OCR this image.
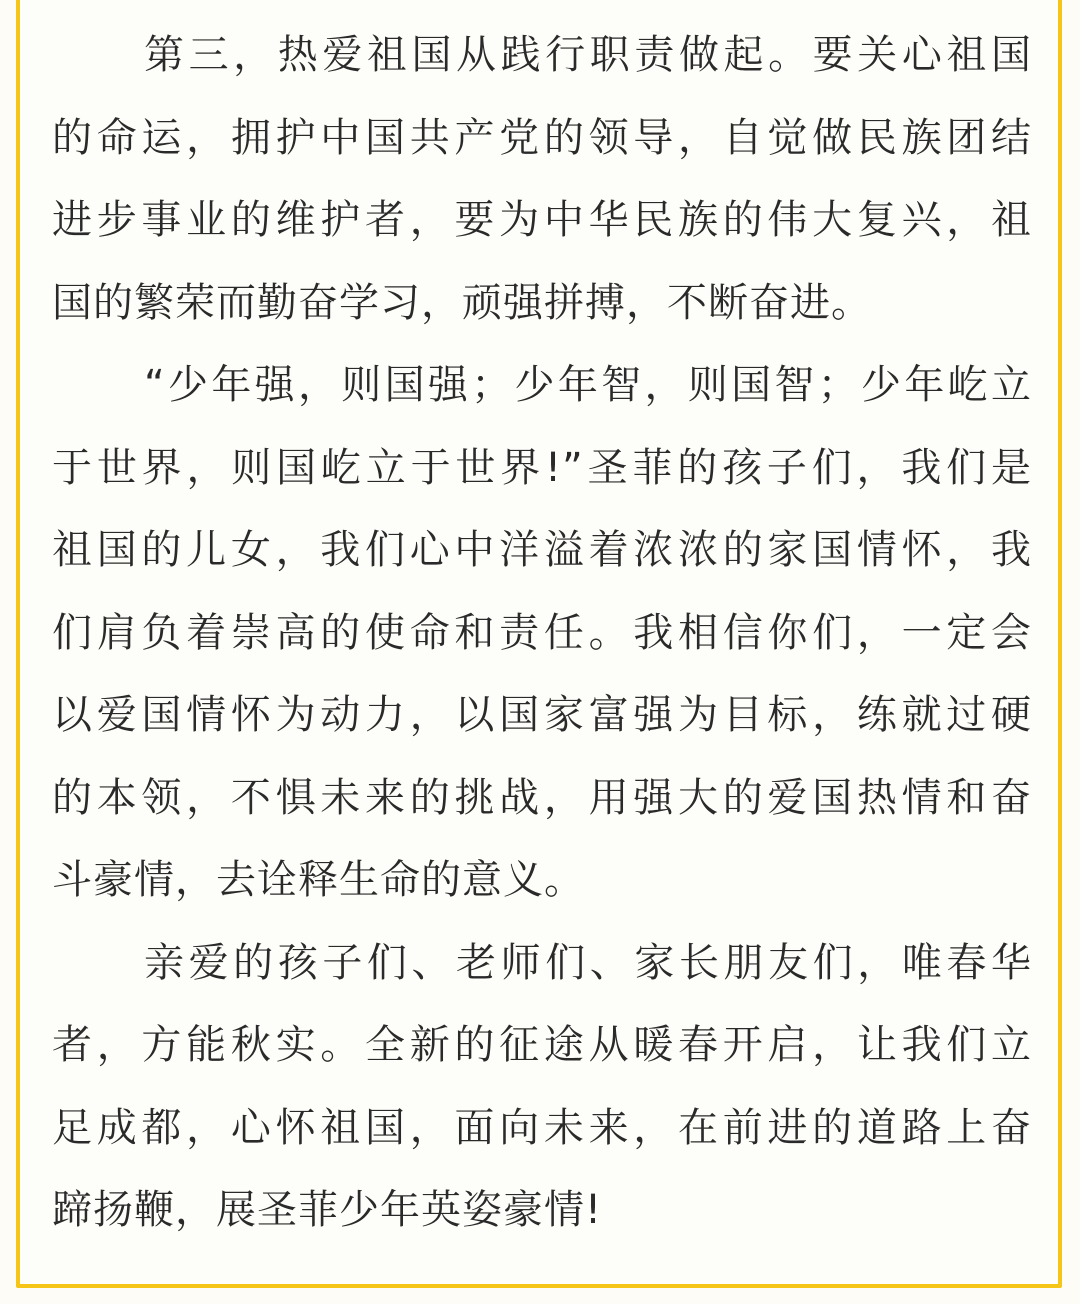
第三，热爱祖国从践行职责做起。要关心祖国
的命运，拥护中国共产党的领导，自觉做民族团结
进步事业的维护者，要为中华民族的伟大复兴，祖
国的繁荣而勤奋学习，顽强拼搏，不断奋进。
“少年强，则国强；少年智，则国智；少年屹立
于世界，则国屹立于世界!”圣菲的孩子们，我们是
祖国的儿女，我们心中洋溢着浓浓的家国情怀，我
们肩负着崇高的使命和责任。我相信你们，一定会
以爱国情怀为动力，以国家富强为目标，练就过硬
的本领，不惧未来的挑战，用强大的爱国热情和奋
斗豪情，去诠释生命的意义。
亲爱的孩子们、老师们、家长朋友们，唯春华
者，方能秋实。全新的征途从暖春开启，让我们立
足成都，心怀祖国，面向未来，在前进的道路上奋
蹄扬鞭，展圣菲少年英姿豪情!
